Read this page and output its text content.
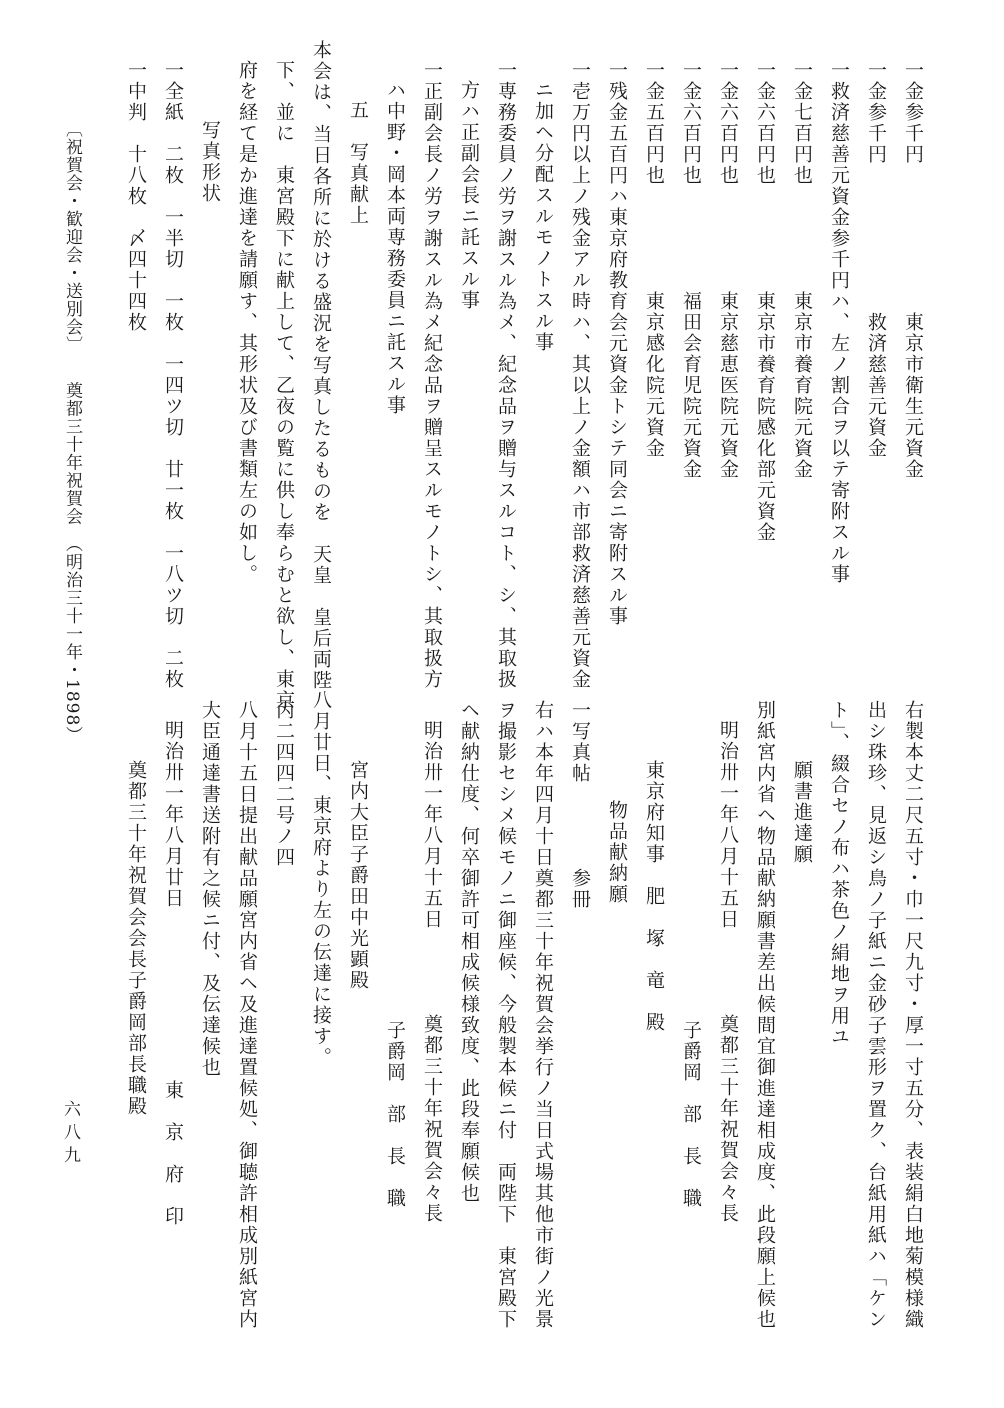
一金参千円　　　　　　　東京市衛生元資金
一金参千円　　　　　　　救済慈善元資金
一救済慈善元資金参千円ハ、左ノ割合ヲ以テ寄附スル事
一金七百円也　　　　　東京市養育院元資金
一金六百円也　　　　　東京市養育院感化部元資金
一金六百円也　　　　　東京慈恵医院元資金
一金六百円也　　　　　福田会育児院元資金
一金五百円也　　　　　東京感化院元資金
一残金五百円ハ東京府教育会元資金トシテ同会ニ寄附スル事
一壱万円以上ノ残金アル時ハ、其以上ノ金額ハ市部救済慈善元資金
ニ加ヘ分配スルモノトスル事
一専務委員ノ労ヲ謝スル為メ、紀念品ヲ贈与スルコト、シ、其取扱
方ハ正副会長ニ託スル事
一正副会長ノ労ヲ謝スル為メ紀念品ヲ贈呈スルモノトシ、其取扱方
ハ中野・岡本両専務委員ニ託スル事
五　写真献上
本会は、当日各所に於ける盛況を写真したるものを　天皇　皇后両陛
下、並に　東宮殿下に献上して、乙夜の覧に供し奉らむと欲し、東京
府を経て是か進達を請願す、其形状及び書類左の如し。
写真形状
一全紙　二枚　一半切　一枚　一四ツ切　廿一枚　一八ツ切　二枚
一中判　十八枚　〆四十四枚
右製本丈二尺五寸・巾一尺九寸・厚一寸五分、表装絹白地菊模様織
出シ珠珍、見返シ鳥ノ子紙ニ金砂子雲形ヲ置ク、台紙用紙ハ「ケン
ト」、綴合セノ布ハ茶色ノ絹地ヲ用ユ
願書進達願
別紙宮内省ヘ物品献納願書差出候間宜御進達相成度、此段願上候也
明治卅一年八月十五日　　　　奠都三十年祝賀会々長
子爵岡　部　長　職
東京府知事　肥　塚　竜　殿
物品献納願
一写真帖　　　　参冊
右ハ本年四月十日奠都三十年祝賀会挙行ノ当日式場其他市街ノ光景
ヲ撮影セシメ候モノニ御座候、今般製本候ニ付　両陛下　東宮殿下
ヘ献納仕度、何卒御許可相成候様致度、此段奉願候也
明治卅一年八月十五日　　　　奠都三十年祝賀会々長
子爵岡　部　長　職
宮内大臣子爵田中光顕殿
八月廿日、東京府より左の伝達に接す。
丙二四四二号ノ四
八月十五日提出献品願宮内省ヘ及進達置候処、御聴許相成別紙宮内
大臣通達書送附有之候ニ付、及伝達候也
明治卅一年八月廿日
東　京　府　印
奠都三十年祝賀会会長子爵岡部長職殿
〔祝賀会・歓迎会・送別会〕　　奠都三十年祝賀会　（明治三十一年・1898）
六八九
